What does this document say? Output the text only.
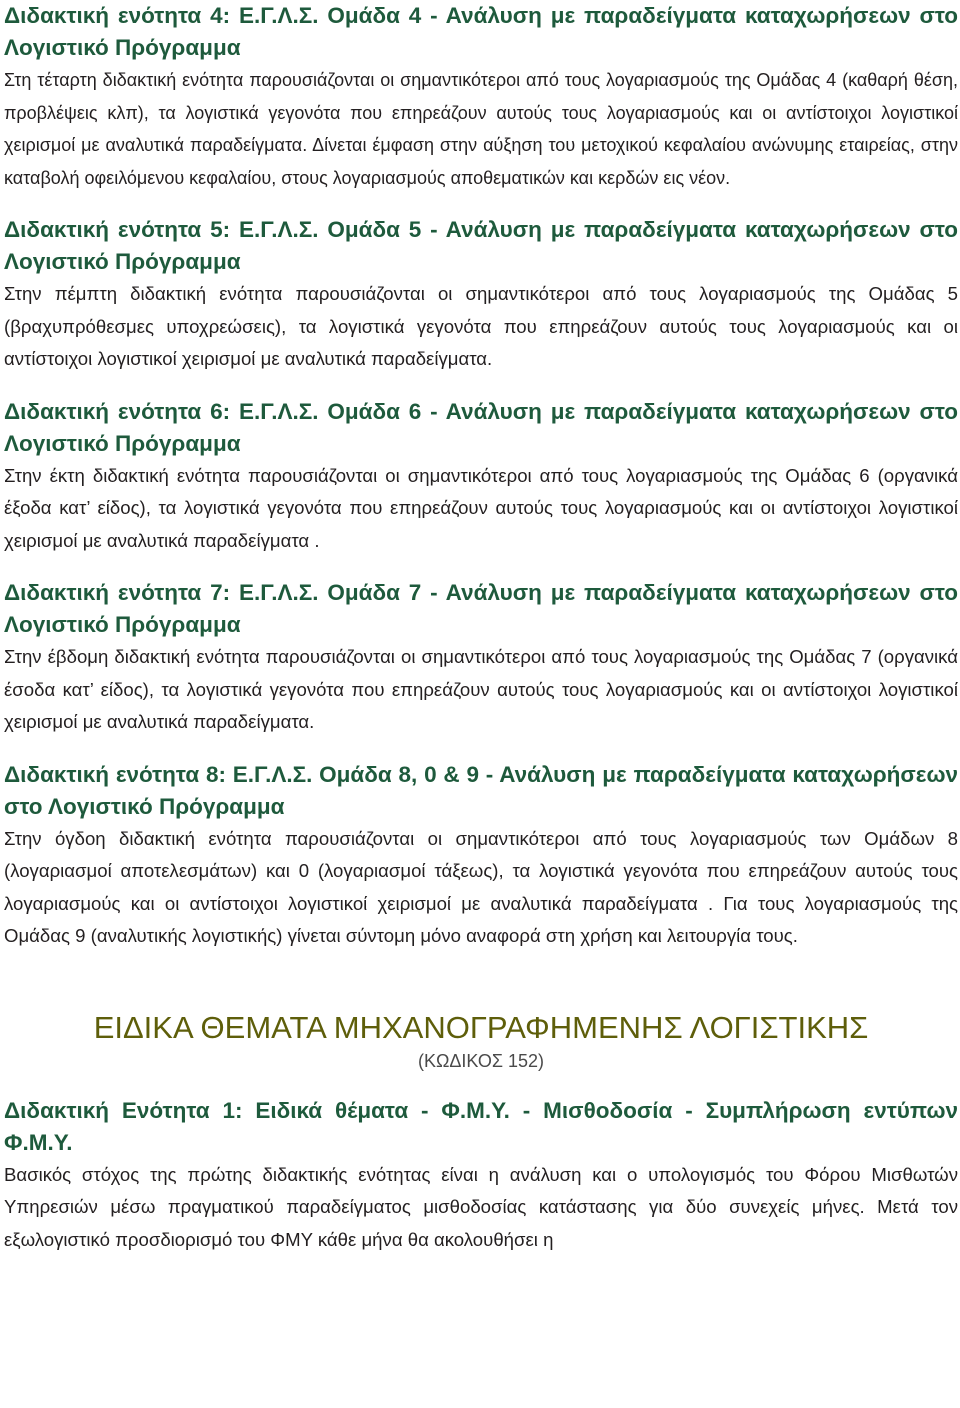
Διδακτική ενότητα 4: Ε.Γ.Λ.Σ. Ομάδα 4 - Ανάλυση με παραδείγματα καταχωρήσεων στο Λογιστικό Πρόγραμμα

Στη τέταρτη διδακτική ενότητα παρουσιάζονται οι σημαντικότεροι από τους λογαριασμούς της Ομάδας 4 (καθαρή θέση, προβλέψεις κλπ), τα λογιστικά γεγονότα που επηρεάζουν αυτούς τους λογαριασμούς και οι αντίστοιχοι λογιστικοί χειρισμοί με αναλυτικά παραδείγματα. Δίνεται έμφαση στην αύξηση του μετοχικού κεφαλαίου ανώνυμης εταιρείας, στην καταβολή οφειλόμενου κεφαλαίου, στους λογαριασμούς αποθεματικών και κερδών εις νέον.

Διδακτική ενότητα 5: Ε.Γ.Λ.Σ. Ομάδα 5 - Ανάλυση με παραδείγματα καταχωρήσεων στο Λογιστικό Πρόγραμμα

Στην πέμπτη διδακτική ενότητα παρουσιάζονται οι σημαντικότεροι από τους λογαριασμούς της Ομάδας 5 (βραχυπρόθεσμες υποχρεώσεις), τα λογιστικά γεγονότα που επηρεάζουν αυτούς τους λογαριασμούς και οι αντίστοιχοι λογιστικοί χειρισμοί με αναλυτικά παραδείγματα.

Διδακτική ενότητα 6: Ε.Γ.Λ.Σ. Ομάδα 6 - Ανάλυση με παραδείγματα καταχωρήσεων στο Λογιστικό Πρόγραμμα

Στην έκτη διδακτική ενότητα παρουσιάζονται οι σημαντικότεροι από τους λογαριασμούς της Ομάδας 6 (οργανικά έξοδα κατ’ είδος), τα λογιστικά γεγονότα που επηρεάζουν αυτούς τους λογαριασμούς και οι αντίστοιχοι λογιστικοί χειρισμοί με αναλυτικά παραδείγματα .

Διδακτική ενότητα 7: Ε.Γ.Λ.Σ. Ομάδα 7 - Ανάλυση με παραδείγματα καταχωρήσεων στο Λογιστικό Πρόγραμμα

Στην έβδομη διδακτική ενότητα παρουσιάζονται οι σημαντικότεροι από τους λογαριασμούς της Ομάδας 7 (οργανικά έσοδα κατ’ είδος), τα λογιστικά γεγονότα που επηρεάζουν αυτούς τους λογαριασμούς και οι αντίστοιχοι λογιστικοί χειρισμοί με αναλυτικά παραδείγματα.

Διδακτική ενότητα 8: Ε.Γ.Λ.Σ. Ομάδα 8, 0 & 9 - Ανάλυση με παραδείγματα καταχωρήσεων στο Λογιστικό Πρόγραμμα

Στην όγδοη διδακτική ενότητα παρουσιάζονται οι σημαντικότεροι από τους λογαριασμούς των Ομάδων 8 (λογαριασμοί αποτελεσμάτων) και 0 (λογαριασμοί τάξεως), τα λογιστικά γεγονότα που επηρεάζουν αυτούς τους λογαριασμούς και οι αντίστοιχοι λογιστικοί χειρισμοί με αναλυτικά παραδείγματα . Για τους λογαριασμούς της Ομάδας 9 (αναλυτικής λογιστικής) γίνεται σύντομη μόνο αναφορά στη χρήση και λειτουργία τους.

ΕΙΔΙΚΑ ΘΕΜΑΤΑ ΜΗΧΑΝΟΓΡΑΦΗΜΕΝΗΣ ΛΟΓΙΣΤΙΚΗΣ

(ΚΩΔΙΚΟΣ 152)

Διδακτική Ενότητα 1: Ειδικά θέματα - Φ.Μ.Υ. - Μισθοδοσία - Συμπλήρωση εντύπων Φ.Μ.Υ.

Βασικός στόχος της πρώτης διδακτικής ενότητας είναι η ανάλυση και ο υπολογισμός του Φόρου Μισθωτών Υπηρεσιών μέσω πραγματικού παραδείγματος μισθοδοσίας κατάστασης για δύο συνεχείς μήνες. Μετά τον εξωλογιστικό προσδιορισμό του ΦΜΥ κάθε μήνα θα ακολουθήσει η
